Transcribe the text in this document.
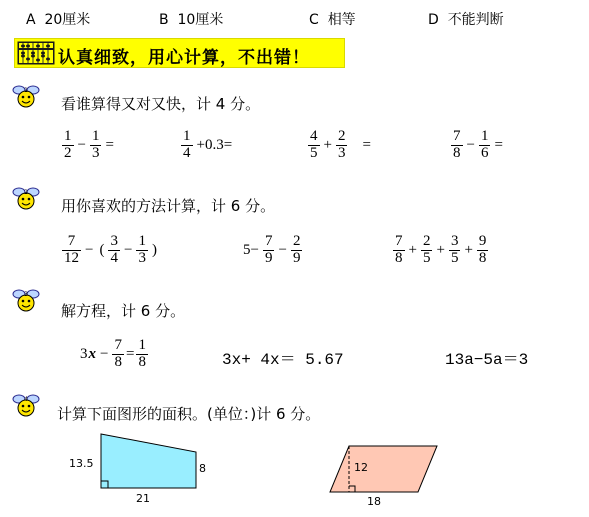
A 20厘米	B 10厘米	C 相等	D 不能判断
认真细致，用心计算，不出错！
1
看谁算得又对又快，计 4 分。
$\frac{1}{2} - \frac{1}{3}$ =	$\frac{1}{4} +0.3=$	$\frac{4}{5} + \frac{2}{3}$ =	$\frac{7}{8} - \frac{1}{6}$ =
2
用你喜欢的方法计算，计 6 分。
$\frac{7}{12}$ − ( $\frac{3}{4} - \frac{1}{3}$ )	$5- \frac{7}{9} - \frac{2}{9}$	$\frac{7}{8} + \frac{2}{5} + \frac{3}{5} + \frac{9}{8}$
3
解方程，计 6 分。
$3x - \frac{7}{8} = \frac{1}{8}$	3x+ 4x＝ 5.67	13a−5a＝3
4
计算下面图形的面积。(单位：)计 6 分。
13.5	8
21
12
18
